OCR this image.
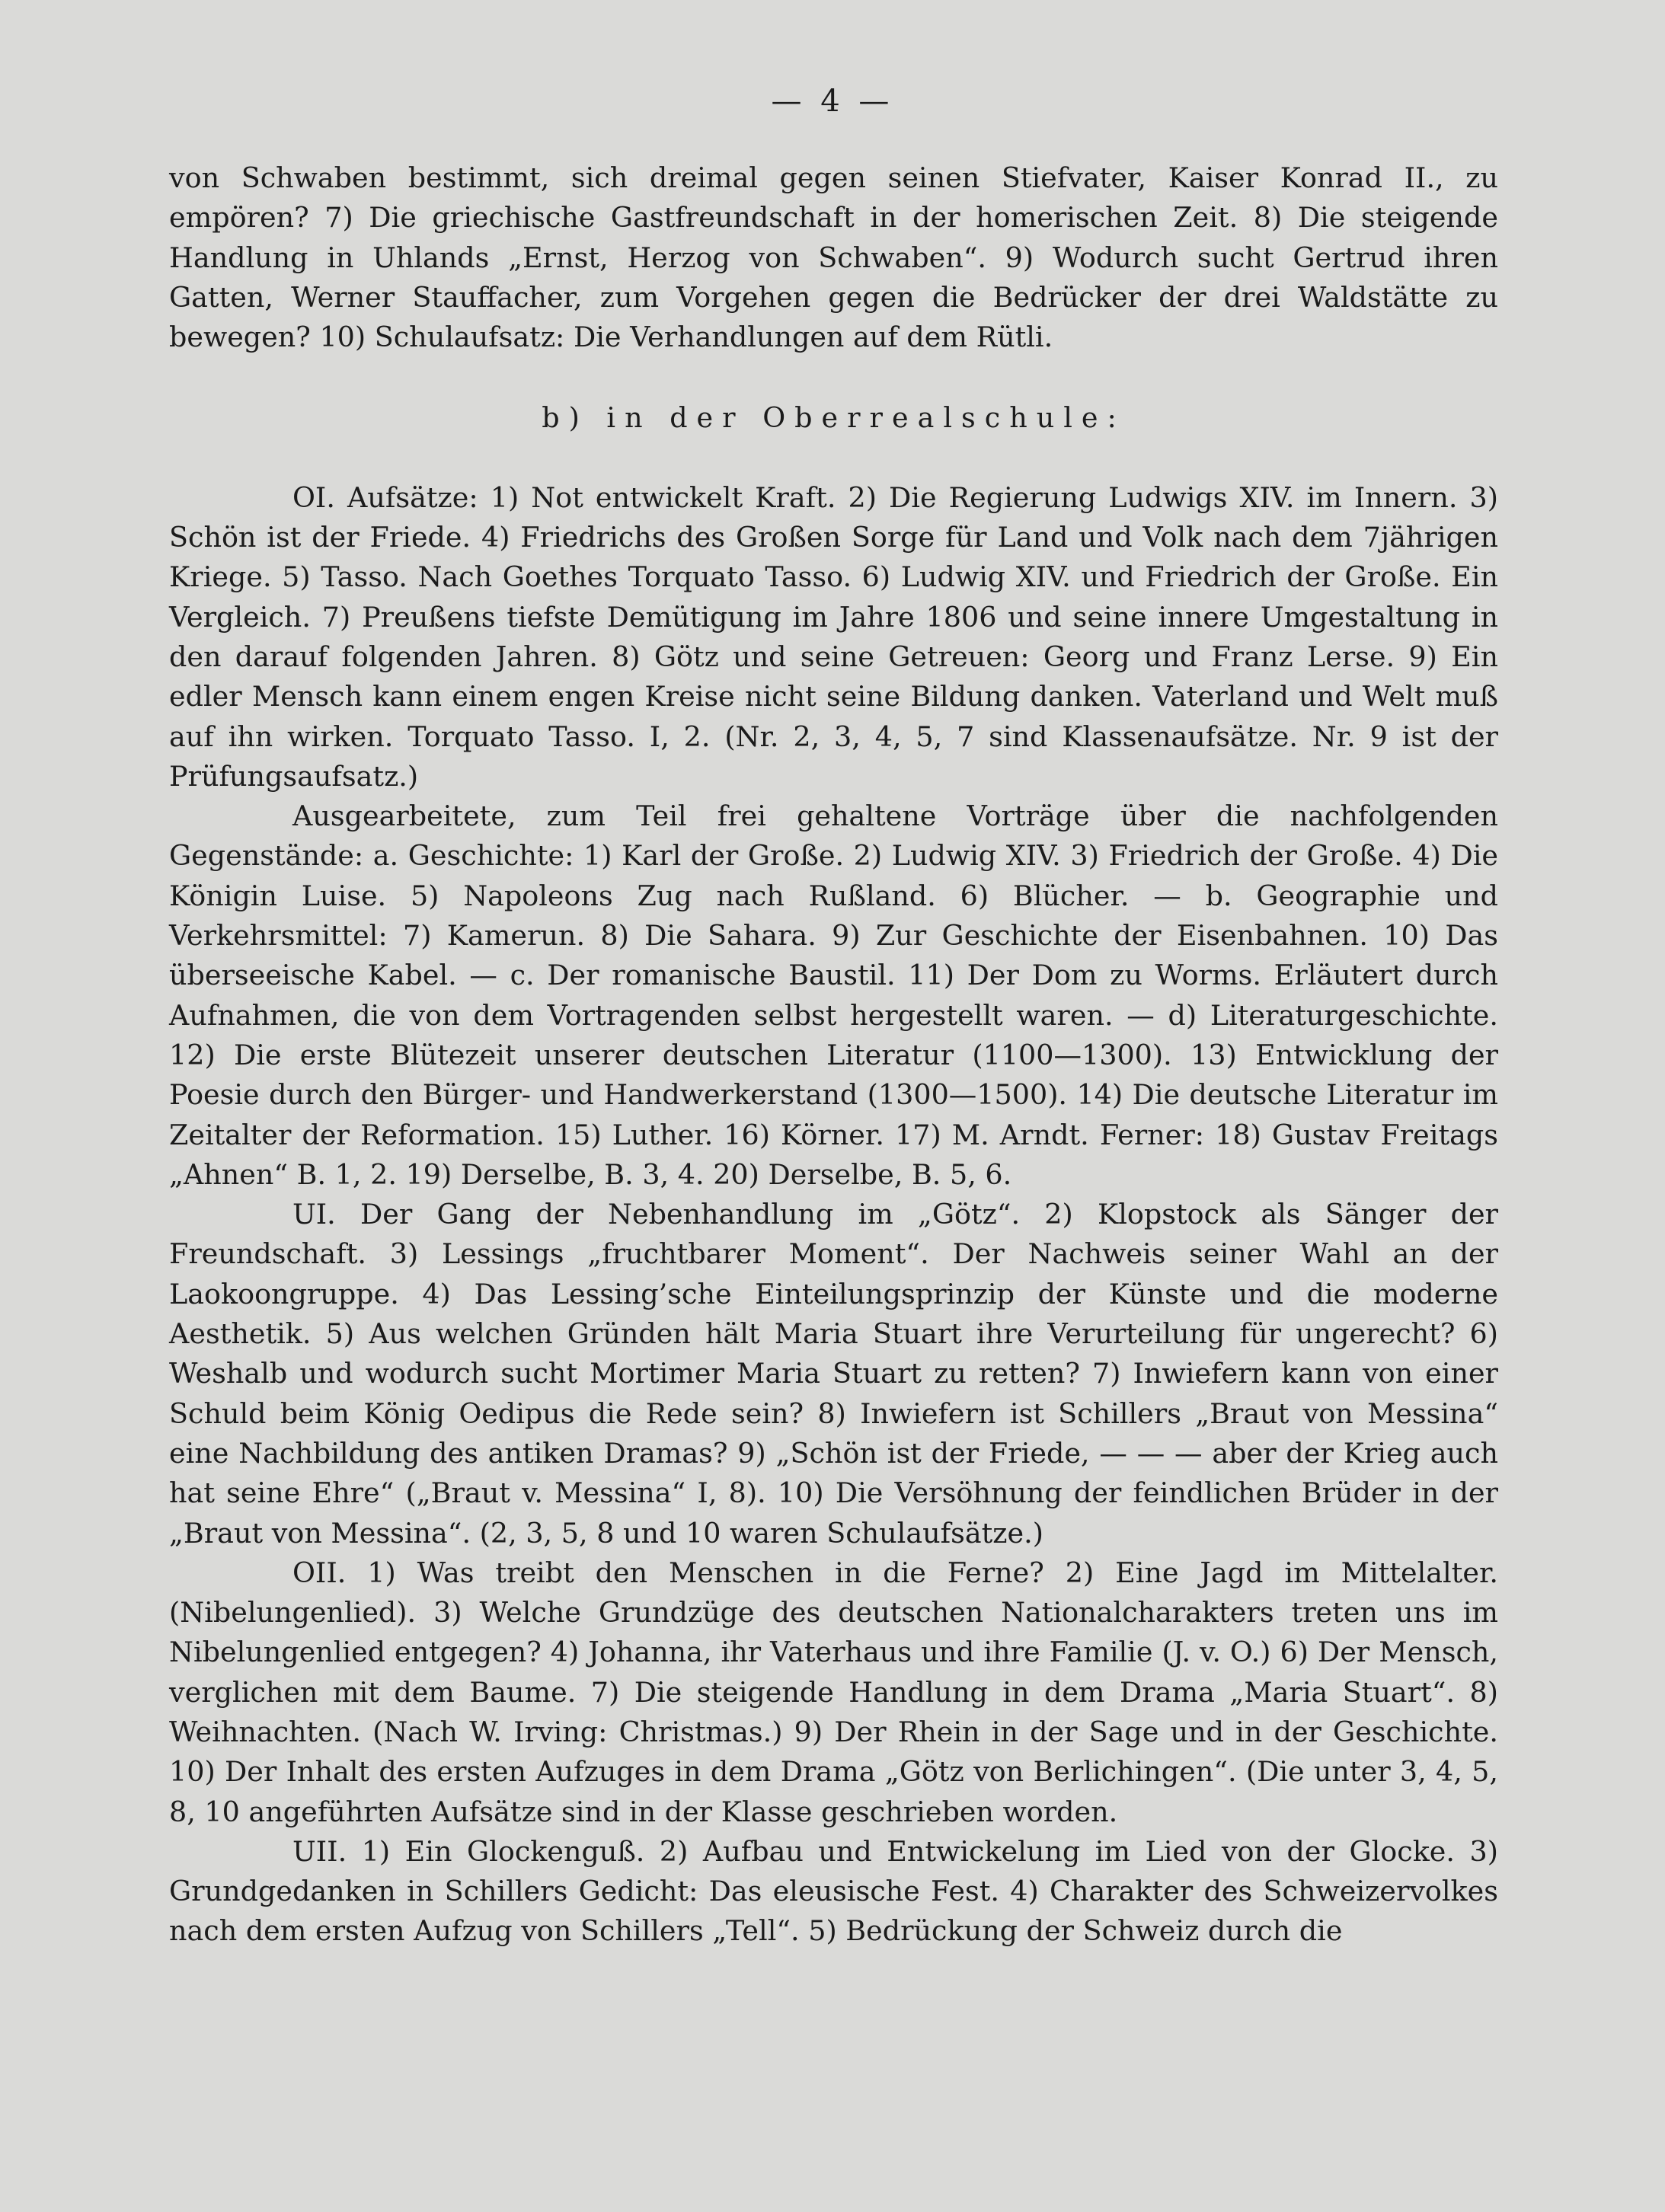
— 4 —

von Schwaben bestimmt, sich dreimal gegen seinen Stiefvater, Kaiser Konrad II., zu empören? 7) Die griechische Gastfreundschaft in der homerischen Zeit. 8) Die steigende Handlung in Uhlands „Ernst, Herzog von Schwaben“. 9) Wodurch sucht Gertrud ihren Gatten, Werner Stauffacher, zum Vorgehen gegen die Bedrücker der drei Waldstätte zu bewegen? 10) Schulaufsatz: Die Verhandlungen auf dem Rütli.

b) in der Oberrealschule:

OI. Aufsätze: 1) Not entwickelt Kraft. 2) Die Regierung Ludwigs XIV. im Innern. 3) Schön ist der Friede. 4) Friedrichs des Großen Sorge für Land und Volk nach dem 7jährigen Kriege. 5) Tasso. Nach Goethes Torquato Tasso. 6) Ludwig XIV. und Friedrich der Große. Ein Vergleich. 7) Preußens tiefste Demütigung im Jahre 1806 und seine innere Umgestaltung in den darauf folgenden Jahren. 8) Götz und seine Getreuen: Georg und Franz Lerse. 9) Ein edler Mensch kann einem engen Kreise nicht seine Bildung danken. Vaterland und Welt muß auf ihn wirken. Torquato Tasso. I, 2. (Nr. 2, 3, 4, 5, 7 sind Klassenaufsätze. Nr. 9 ist der Prüfungsaufsatz.)

Ausgearbeitete, zum Teil frei gehaltene Vorträge über die nachfolgenden Gegenstände: a. Geschichte: 1) Karl der Große. 2) Ludwig XIV. 3) Friedrich der Große. 4) Die Königin Luise. 5) Napoleons Zug nach Rußland. 6) Blücher. — b. Geographie und Verkehrsmittel: 7) Kamerun. 8) Die Sahara. 9) Zur Geschichte der Eisenbahnen. 10) Das überseeische Kabel. — c. Der romanische Baustil. 11) Der Dom zu Worms. Erläutert durch Aufnahmen, die von dem Vortragenden selbst hergestellt waren. — d) Literaturgeschichte. 12) Die erste Blütezeit unserer deutschen Literatur (1100—1300). 13) Entwicklung der Poesie durch den Bürger- und Handwerkerstand (1300—1500). 14) Die deutsche Literatur im Zeitalter der Reformation. 15) Luther. 16) Körner. 17) M. Arndt. Ferner: 18) Gustav Freitags „Ahnen“ B. 1, 2. 19) Derselbe, B. 3, 4. 20) Derselbe, B. 5, 6.

UI. Der Gang der Nebenhandlung im „Götz“. 2) Klopstock als Sänger der Freundschaft. 3) Lessings „fruchtbarer Moment“. Der Nachweis seiner Wahl an der Laokoongruppe. 4) Das Lessing’sche Einteilungsprinzip der Künste und die moderne Aesthetik. 5) Aus welchen Gründen hält Maria Stuart ihre Verurteilung für ungerecht? 6) Weshalb und wodurch sucht Mortimer Maria Stuart zu retten? 7) Inwiefern kann von einer Schuld beim König Oedipus die Rede sein? 8) Inwiefern ist Schillers „Braut von Messina“ eine Nachbildung des antiken Dramas? 9) „Schön ist der Friede, — — — aber der Krieg auch hat seine Ehre“ („Braut v. Messina“ I, 8). 10) Die Versöhnung der feindlichen Brüder in der „Braut von Messina“. (2, 3, 5, 8 und 10 waren Schulaufsätze.)

OII. 1) Was treibt den Menschen in die Ferne? 2) Eine Jagd im Mittelalter. (Nibelungenlied). 3) Welche Grundzüge des deutschen Nationalcharakters treten uns im Nibelungenlied entgegen? 4) Johanna, ihr Vaterhaus und ihre Familie (J. v. O.) 6) Der Mensch, verglichen mit dem Baume. 7) Die steigende Handlung in dem Drama „Maria Stuart“. 8) Weihnachten. (Nach W. Irving: Christmas.) 9) Der Rhein in der Sage und in der Geschichte. 10) Der Inhalt des ersten Aufzuges in dem Drama „Götz von Berlichingen“. (Die unter 3, 4, 5, 8, 10 angeführten Aufsätze sind in der Klasse geschrieben worden.

UII. 1) Ein Glockenguß. 2) Aufbau und Entwickelung im Lied von der Glocke. 3) Grundgedanken in Schillers Gedicht: Das eleusische Fest. 4) Charakter des Schweizervolkes nach dem ersten Aufzug von Schillers „Tell“. 5) Bedrückung der Schweiz durch die
